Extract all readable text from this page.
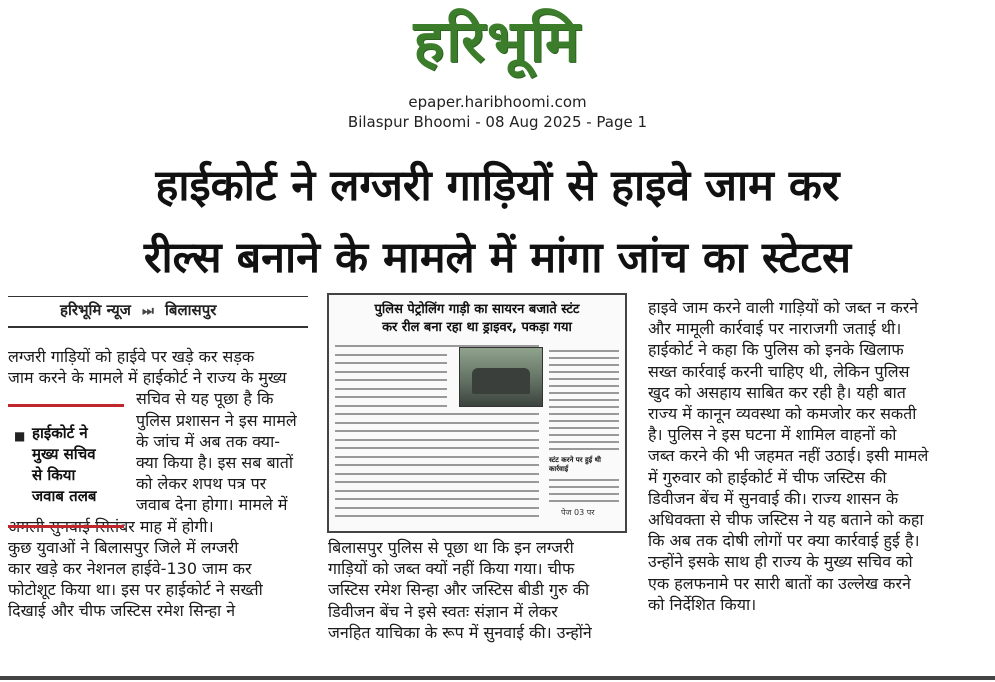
हरिभूमि
epaper.haribhoomi.com
Bilaspur Bhoomi - 08 Aug 2025 - Page 1
हाईकोर्ट ने लग्जरी गाड़ियों से हाइवे जाम कर
रील्स बनाने के मामले में मांगा जांच का स्टेटस
हरिभूमि न्यूज ⏭ बिलासपुर

लग्जरी गाड़ियों को हाईवे पर खड़े कर सड़क

जाम करने के मामले में हाईकोर्ट ने राज्य के मुख्य

सचिव से यह पूछा है कि

पुलिस प्रशासन ने इस मामले

के जांच में अब तक क्या-

क्या किया है। इस सब बातों

को लेकर शपथ पत्र पर

जवाब देना होगा। मामले में

अगली सुनवाई सितंबर माह में होगी।

कुछ युवाओं ने बिलासपुर जिले में लग्जरी

कार खड़े कर नेशनल हाईवे-130 जाम कर

फोटोशूट किया था। इस पर हाईकोर्ट ने सख्ती

दिखाई और चीफ जस्टिस रमेश सिन्हा ने

■ हाईकोर्ट ने
मुख्य सचिव
से किया
जवाब तलब
पुलिस पेट्रोलिंग गाड़ी का सायरन बजाते स्टंट
कर रील बना रहा था ड्राइवर, पकड़ा गया
स्टंट करने पर हुई थी कार्रवाई
पेज 03 पर

बिलासपुर पुलिस से पूछा था कि इन लग्जरी

गाड़ियों को जब्त क्यों नहीं किया गया। चीफ

जस्टिस रमेश सिन्हा और जस्टिस बीडी गुरु की

डिवीजन बेंच ने इसे स्वतः संज्ञान में लेकर

जनहित याचिका के रूप में सुनवाई की। उन्होंने

हाइवे जाम करने वाली गाड़ियों को जब्त न करने

और मामूली कार्रवाई पर नाराजगी जताई थी।

हाईकोर्ट ने कहा कि पुलिस को इनके खिलाफ

सख्त कार्रवाई करनी चाहिए थी, लेकिन पुलिस

खुद को असहाय साबित कर रही है। यही बात

राज्य में कानून व्यवस्था को कमजोर कर सकती

है। पुलिस ने इस घटना में शामिल वाहनों को

जब्त करने की भी जहमत नहीं उठाई। इसी मामले

में गुरुवार को हाईकोर्ट में चीफ जस्टिस की

डिवीजन बेंच में सुनवाई की। राज्य शासन के

अधिवक्ता से चीफ जस्टिस ने यह बताने को कहा

कि अब तक दोषी लोगों पर क्या कार्रवाई हुई है।

उन्होंने इसके साथ ही राज्य के मुख्य सचिव को

एक हलफनामे पर सारी बातों का उल्लेख करने

को निर्देशित किया।
